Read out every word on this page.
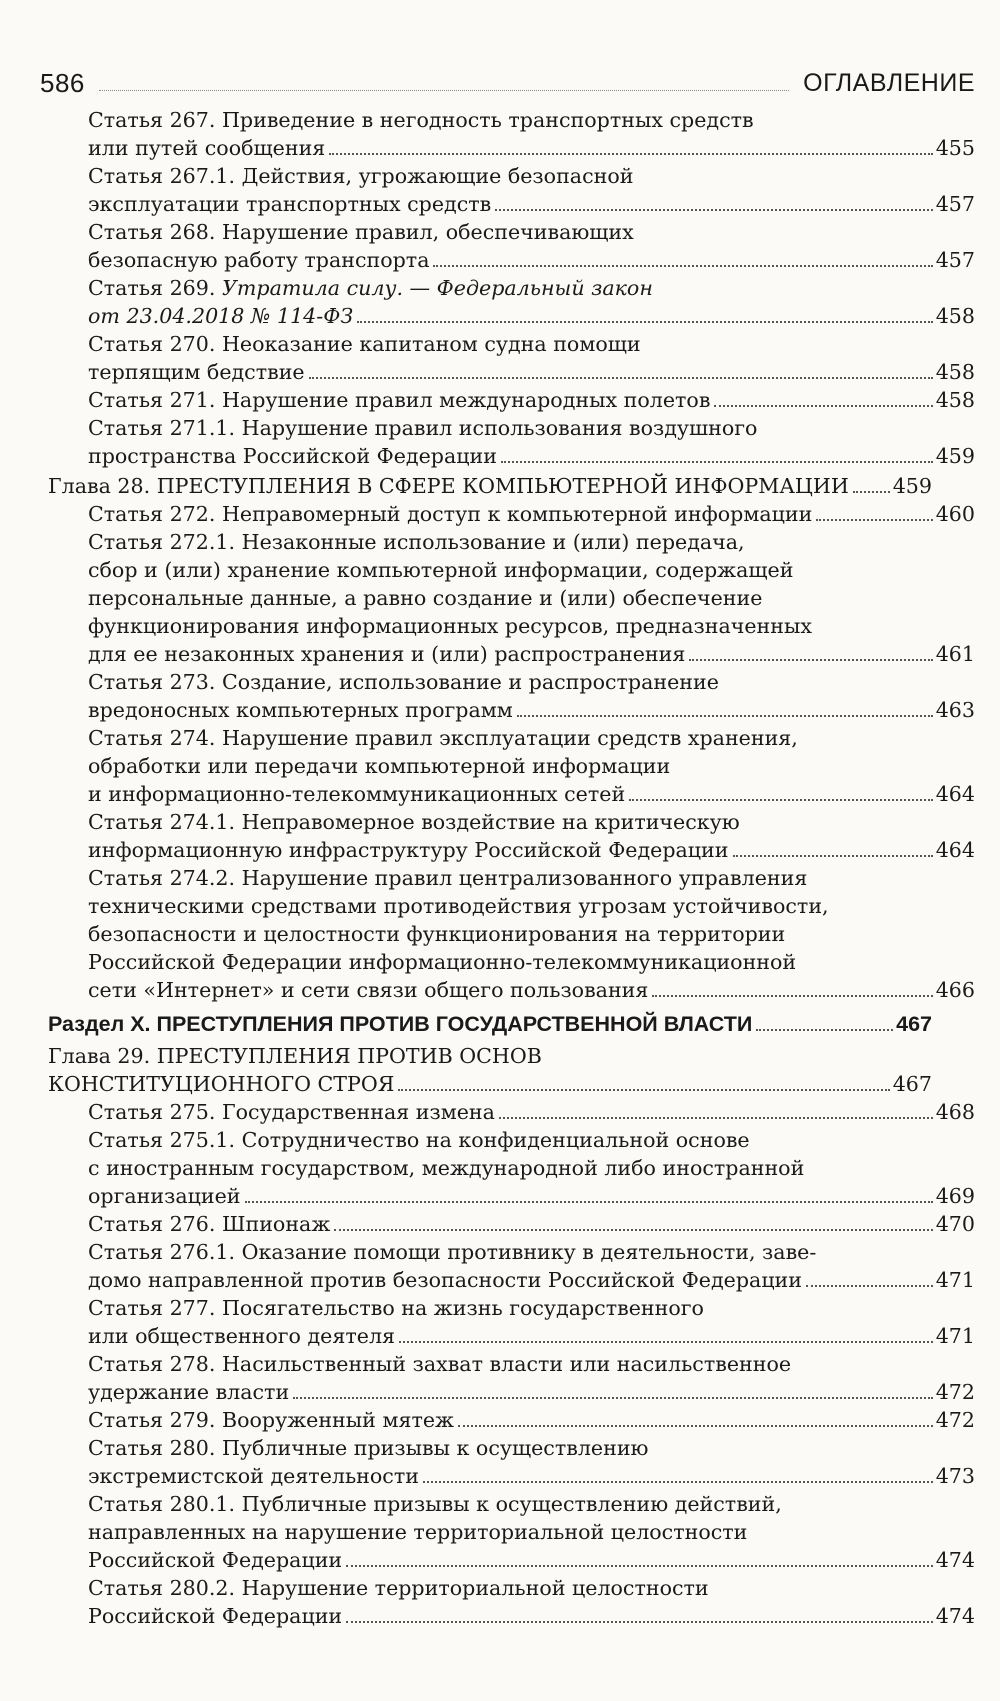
586	ОГЛАВЛЕНИЕ
Статья 267. Приведение в негодность транспортных средств
или путей сообщения	455
Статья 267.1. Действия, угрожающие безопасной
эксплуатации транспортных средств	457
Статья 268. Нарушение правил, обеспечивающих
безопасную работу транспорта	457
Статья 269. Утратила силу. — Федеральный закон
от 23.04.2018 № 114-ФЗ	458
Статья 270. Неоказание капитаном судна помощи
терпящим бедствие	458
Статья 271. Нарушение правил международных полетов	458
Статья 271.1. Нарушение правил использования воздушного
пространства Российской Федерации	459
Глава 28. ПРЕСТУПЛЕНИЯ В СФЕРЕ КОМПЬЮТЕРНОЙ ИНФОРМАЦИИ 459
Статья 272. Неправомерный доступ к компьютерной информации	460
Статья 272.1. Незаконные использование и (или) передача,
сбор и (или) хранение компьютерной информации, содержащей
персональные данные, а равно создание и (или) обеспечение
функционирования информационных ресурсов, предназначенных
для ее незаконных хранения и (или) распространения	461
Статья 273. Создание, использование и распространение
вредоносных компьютерных программ	463
Статья 274. Нарушение правил эксплуатации средств хранения,
обработки или передачи компьютерной информации
и информационно-телекоммуникационных сетей	464
Статья 274.1. Неправомерное воздействие на критическую
информационную инфраструктуру Российской Федерации	464
Статья 274.2. Нарушение правил централизованного управления
техническими средствами противодействия угрозам устойчивости,
безопасности и целостности функционирования на территории
Российской Федерации информационно-телекоммуникационной
сети «Интернет» и сети связи общего пользования	466
Раздел X. ПРЕСТУПЛЕНИЯ ПРОТИВ ГОСУДАРСТВЕННОЙ ВЛАСТИ	467
Глава 29. ПРЕСТУПЛЕНИЯ ПРОТИВ ОСНОВ
КОНСТИТУЦИОННОГО СТРОЯ	467
Статья 275. Государственная измена	468
Статья 275.1. Сотрудничество на конфиденциальной основе
с иностранным государством, международной либо иностранной
организацией	469
Статья 276. Шпионаж	470
Статья 276.1. Оказание помощи противнику в деятельности, заве-
домо направленной против безопасности Российской Федерации	471
Статья 277. Посягательство на жизнь государственного
или общественного деятеля	471
Статья 278. Насильственный захват власти или насильственное
удержание власти	472
Статья 279. Вооруженный мятеж	472
Статья 280. Публичные призывы к осуществлению
экстремистской деятельности	473
Статья 280.1. Публичные призывы к осуществлению действий,
направленных на нарушение территориальной целостности
Российской Федерации	474
Статья 280.2. Нарушение территориальной целостности
Российской Федерации	474
